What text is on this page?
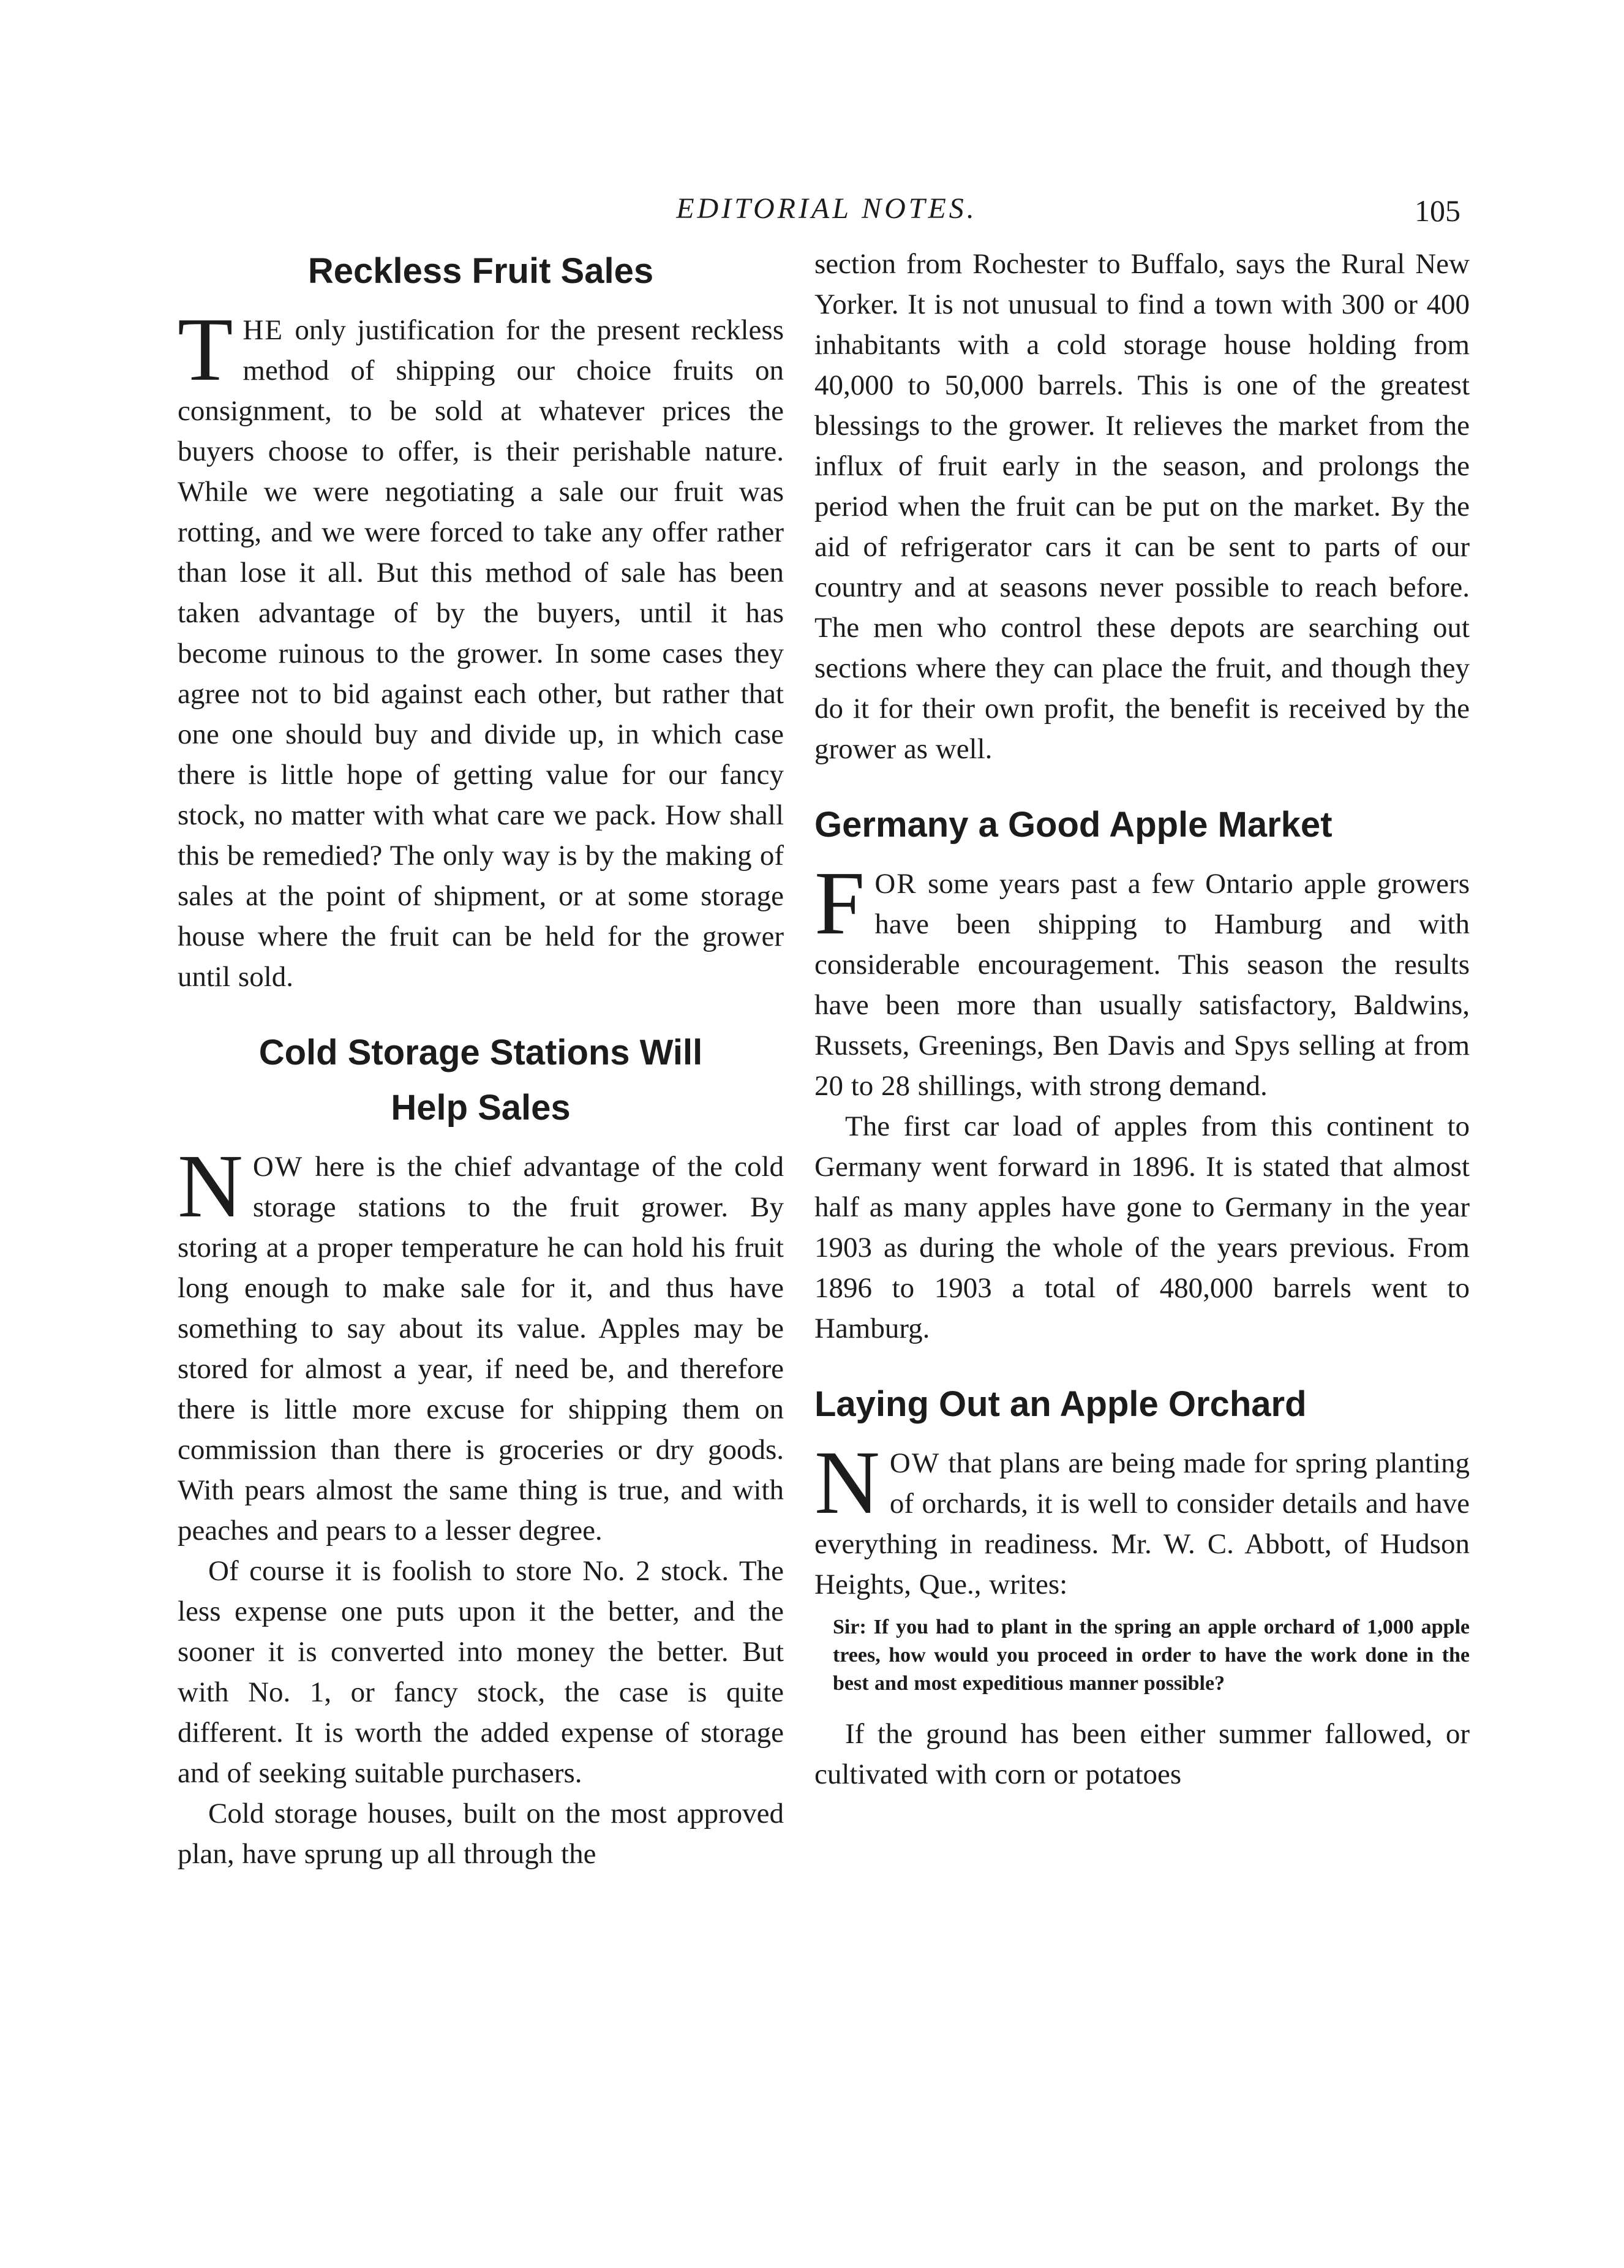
EDITORIAL NOTES.	105
Reckless Fruit Sales

THE only justification for the present reckless method of shipping our choice fruits on consignment, to be sold at whatever prices the buyers choose to offer, is their perishable nature. While we were negotiating a sale our fruit was rotting, and we were forced to take any offer rather than lose it all. But this method of sale has been taken advantage of by the buyers, until it has become ruinous to the grower. In some cases they agree not to bid against each other, but rather that one one should buy and divide up, in which case there is little hope of getting value for our fancy stock, no matter with what care we pack. How shall this be remedied? The only way is by the making of sales at the point of shipment, or at some storage house where the fruit can be held for the grower until sold.

Cold Storage Stations Will
Help Sales

NOW here is the chief advantage of the cold storage stations to the fruit grower. By storing at a proper temperature he can hold his fruit long enough to make sale for it, and thus have something to say about its value. Apples may be stored for almost a year, if need be, and therefore there is little more excuse for shipping them on commission than there is groceries or dry goods. With pears almost the same thing is true, and with peaches and pears to a lesser degree.

Of course it is foolish to store No. 2 stock. The less expense one puts upon it the better, and the sooner it is converted into money the better. But with No. 1, or fancy stock, the case is quite different. It is worth the added expense of storage and of seeking suitable purchasers.

Cold storage houses, built on the most approved plan, have sprung up all through the

section from Rochester to Buffalo, says the Rural New Yorker. It is not unusual to find a town with 300 or 400 inhabitants with a cold storage house holding from 40,000 to 50,000 barrels. This is one of the greatest blessings to the grower. It relieves the market from the influx of fruit early in the season, and prolongs the period when the fruit can be put on the market. By the aid of refrigerator cars it can be sent to parts of our country and at seasons never possible to reach before. The men who control these depots are searching out sections where they can place the fruit, and though they do it for their own profit, the benefit is received by the grower as well.

Germany a Good Apple Market

FOR some years past a few Ontario apple growers have been shipping to Hamburg and with considerable encouragement. This season the results have been more than usually satisfactory, Baldwins, Russets, Greenings, Ben Davis and Spys selling at from 20 to 28 shillings, with strong demand.

The first car load of apples from this continent to Germany went forward in 1896. It is stated that almost half as many apples have gone to Germany in the year 1903 as during the whole of the years previous. From 1896 to 1903 a total of 480,000 barrels went to Hamburg.

Laying Out an Apple Orchard

NOW that plans are being made for spring planting of orchards, it is well to consider details and have everything in readiness. Mr. W. C. Abbott, of Hudson Heights, Que., writes:

Sir: If you had to plant in the spring an apple orchard of 1,000 apple trees, how would you proceed in order to have the work done in the best and most expeditious manner possible?

If the ground has been either summer fallowed, or cultivated with corn or potatoes
